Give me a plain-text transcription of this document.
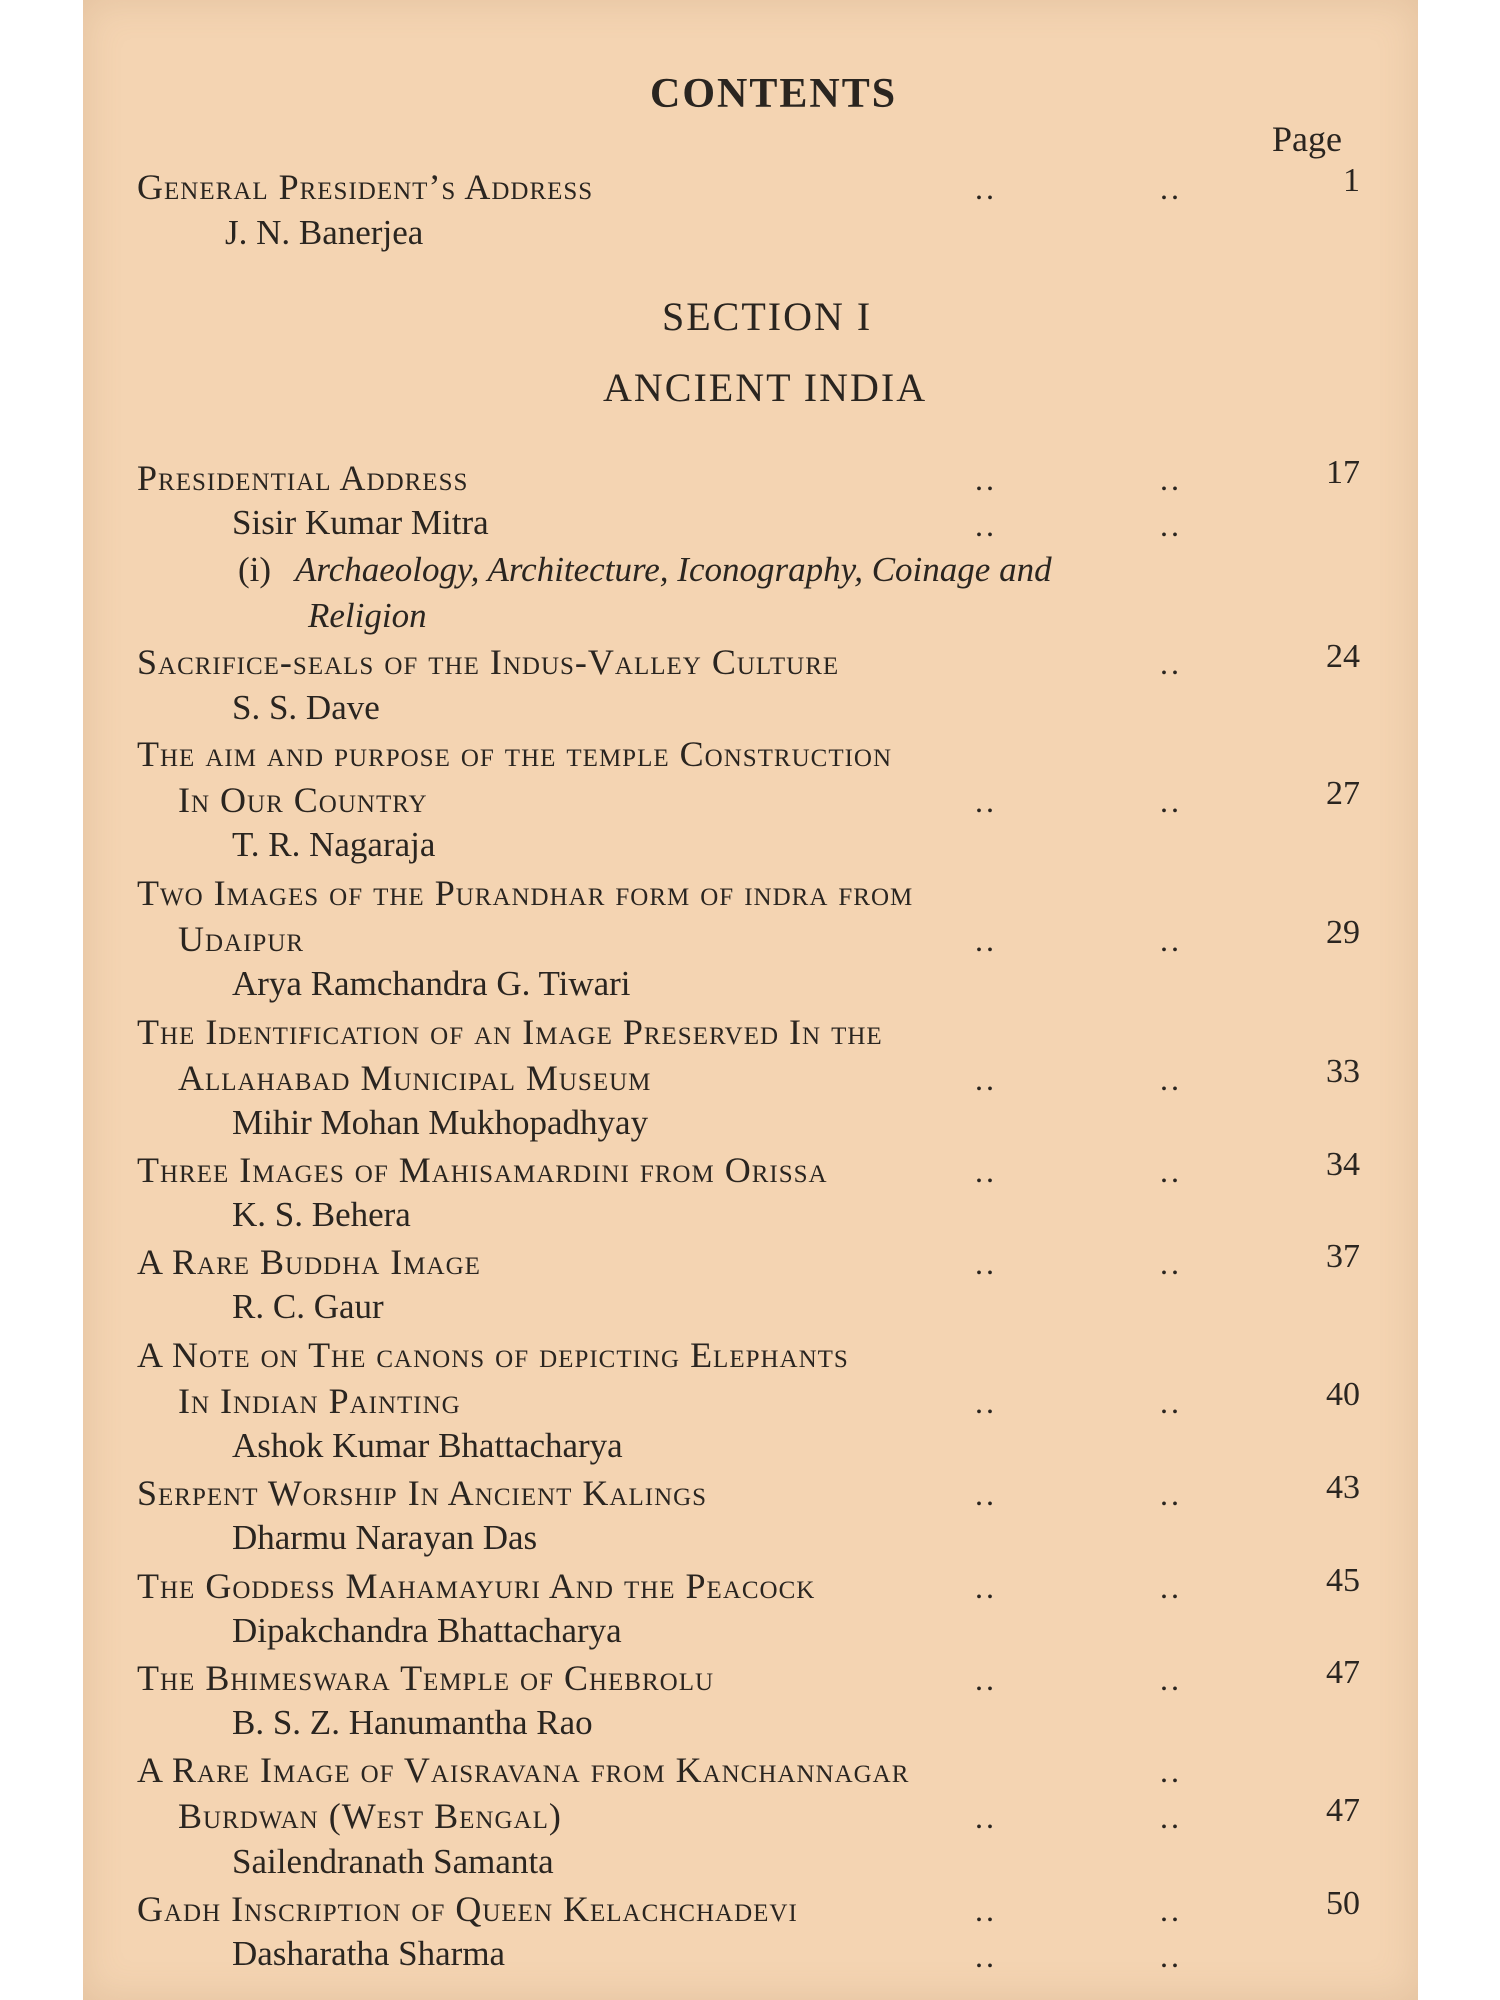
CONTENTS
Page
General President’s Address	..	..	1
J. N. Banerjea
SECTION I
ANCIENT INDIA
Presidential Address	..	..	17
Sisir Kumar Mitra	..	..
(i) Archaeology, Architecture, Iconography, Coinage and
Religion
Sacrifice-seals of the Indus-Valley Culture	..	24
S. S. Dave
The aim and purpose of the temple Construction
In Our Country	..	..	27
T. R. Nagaraja
Two Images of the Purandhar form of indra from
Udaipur	..	..	29
Arya Ramchandra G. Tiwari
The Identification of an Image Preserved In the
Allahabad Municipal Museum	..	..	33
Mihir Mohan Mukhopadhyay
Three Images of Mahisamardini from Orissa	..	..	34
K. S. Behera
A Rare Buddha Image	..	..	37
R. C. Gaur
A Note on The canons of depicting Elephants
In Indian Painting	..	..	40
Ashok Kumar Bhattacharya
Serpent Worship In Ancient Kalings	..	..	43
Dharmu Narayan Das
The Goddess Mahamayuri And the Peacock	..	..	45
Dipakchandra Bhattacharya
The Bhimeswara Temple of Chebrolu	..	..	47
B. S. Z. Hanumantha Rao
A Rare Image of Vaisravana from Kanchannagar	..
Burdwan (West Bengal)	..	..	47
Sailendranath Samanta
Gadh Inscription of Queen Kelachchadevi	..	..	50
Dasharatha Sharma	..	..
